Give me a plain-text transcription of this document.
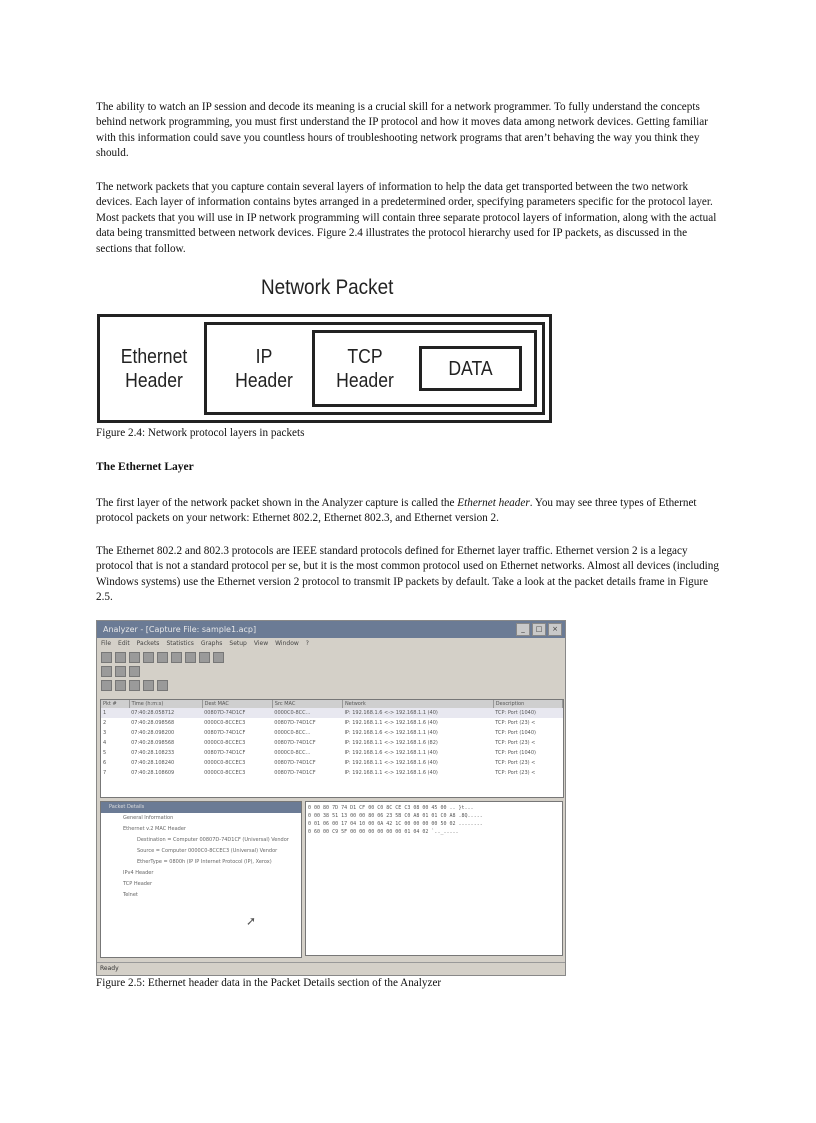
The ability to watch an IP session and decode its meaning is a crucial skill for a network programmer. To fully understand the concepts behind network programming, you must first understand the IP protocol and how it moves data among network devices. Getting familiar with this information could save you countless hours of troubleshooting network programs that aren’t behaving the way you think they should.

The network packets that you capture contain several layers of information to help the data get transported between the two network devices. Each layer of information contains bytes arranged in a predetermined order, specifying parameters specific for the protocol layer. Most packets that you will use in IP network programming will contain three separate protocol layers of information, along with the actual data being transmitted between network devices. Figure 2.4 illustrates the protocol hierarchy used for IP packets, as discussed in the sections that follow.

Network Packet
Ethernet
Header
IP
Header
TCP
Header
DATA
Figure 2.4: Network protocol layers in packets
The Ethernet Layer

The first layer of the network packet shown in the Analyzer capture is called the Ethernet header. You may see three types of Ethernet protocol packets on your network: Ethernet 802.2, Ethernet 802.3, and Ethernet version 2.

The Ethernet 802.2 and 802.3 protocols are IEEE standard protocols defined for Ethernet layer traffic. Ethernet version 2 is a legacy protocol that is not a standard protocol per se, but it is the most common protocol used on Ethernet networks. Almost all devices (including Windows systems) use the Ethernet version 2 protocol to transmit IP packets by default. Take a look at the packet details frame in Figure 2.5.

Analyzer - [Capture File: sample1.acp]	_	□	×
File Edit Packets Statistics Graphs Setup View Window ?
Pkt #	Time (h:m:s)	Dest MAC	Src MAC	Network	Description
1	07:40:28.058712	00807D-74D1CF	0000C0-8CC...	IP: 192.168.1.6 <-> 192.168.1.1 (40)	TCP: Port (1040)
2	07:40:28.098568	0000C0-8CCEC3	00807D-74D1CF	IP: 192.168.1.1 <-> 192.168.1.6 (40)	TCP: Port (23) <
3	07:40:28.098200	00807D-74D1CF	0000C0-8CC...	IP: 192.168.1.6 <-> 192.168.1.1 (40)	TCP: Port (1040)
4	07:40:28.098568	0000C0-8CCEC3	00807D-74D1CF	IP: 192.168.1.1 <-> 192.168.1.6 (82)	TCP: Port (23) <
5	07:40:28.108233	00807D-74D1CF	0000C0-8CC...	IP: 192.168.1.6 <-> 192.168.1.1 (40)	TCP: Port (1040)
6	07:40:28.108240	0000C0-8CCEC3	00807D-74D1CF	IP: 192.168.1.1 <-> 192.168.1.6 (40)	TCP: Port (23) <
7	07:40:28.108609	0000C0-8CCEC3	00807D-74D1CF	IP: 192.168.1.1 <-> 192.168.1.6 (40)	TCP: Port (23) <
Packet Details
General Information
Ethernet v.2 MAC Header
Destination = Computer 00807D-74D1CF (Universal) Vendor
Source = Computer 0000C0-8CCEC3 (Universal) Vendor
EtherType = 0800h (IP IP Internet Protocol (IP), Xerox)
IPv4 Header
TCP Header
Telnet
➚
0 00 80 7D 74 D1 CF 00 C0 8C CE C3 08 00 45 00 .. }t...
0 00 38 51 13 00 00 80 06 23 5B C0 A8 01 01 C0 A8 .8Q.....
0 01 06 00 17 04 10 00 0A 42 1C 00 00 00 00 50 02 ........
0 60 00 C9 5F 00 00 00 00 00 00 01 04 02 `.._.....
Ready
Figure 2.5: Ethernet header data in the Packet Details section of the Analyzer
